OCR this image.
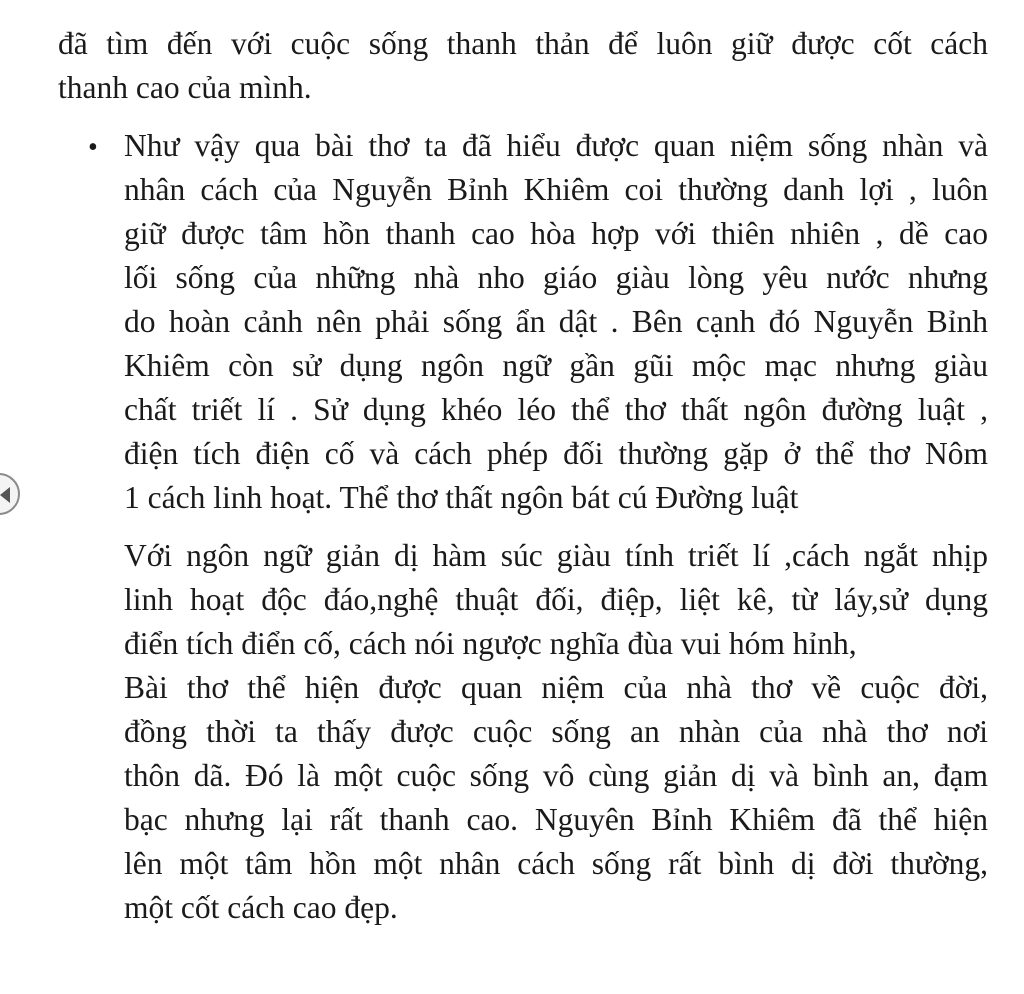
đã tìm đến với cuộc sống thanh thản để luôn giữ được cốt cách
thanh cao của mình.
• Như vậy qua bài thơ ta đã hiểu được quan niệm sống nhàn và
nhân cách của Nguyễn Bỉnh Khiêm coi thường danh lợi , luôn
giữ được tâm hồn thanh cao hòa hợp với thiên nhiên , dề cao
lối sống của những nhà nho giáo giàu lòng yêu nước nhưng
do hoàn cảnh nên phải sống ẩn dật . Bên cạnh đó Nguyễn Bỉnh
Khiêm còn sử dụng ngôn ngữ gần gũi mộc mạc nhưng giàu
chất triết lí . Sử dụng khéo léo thể thơ thất ngôn đường luật ,
điện tích điện cố và cách phép đối thường gặp ở thể thơ Nôm
1 cách linh hoạt. Thể thơ thất ngôn bát cú Đường luật
Với ngôn ngữ giản dị hàm súc giàu tính triết lí ,cách ngắt nhịp
linh hoạt độc đáo,nghệ thuật đối, điệp, liệt kê, từ láy,sử dụng
điển tích điển cố, cách nói ngược nghĩa đùa vui hóm hỉnh,
Bài thơ thể hiện được quan niệm của nhà thơ về cuộc đời,
đồng thời ta thấy được cuộc sống an nhàn của nhà thơ nơi
thôn dã. Đó là một cuộc sống vô cùng giản dị và bình an, đạm
bạc nhưng lại rất thanh cao. Nguyên Bỉnh Khiêm đã thể hiện
lên một tâm hồn một nhân cách sống rất bình dị đời thường,
một cốt cách cao đẹp.
